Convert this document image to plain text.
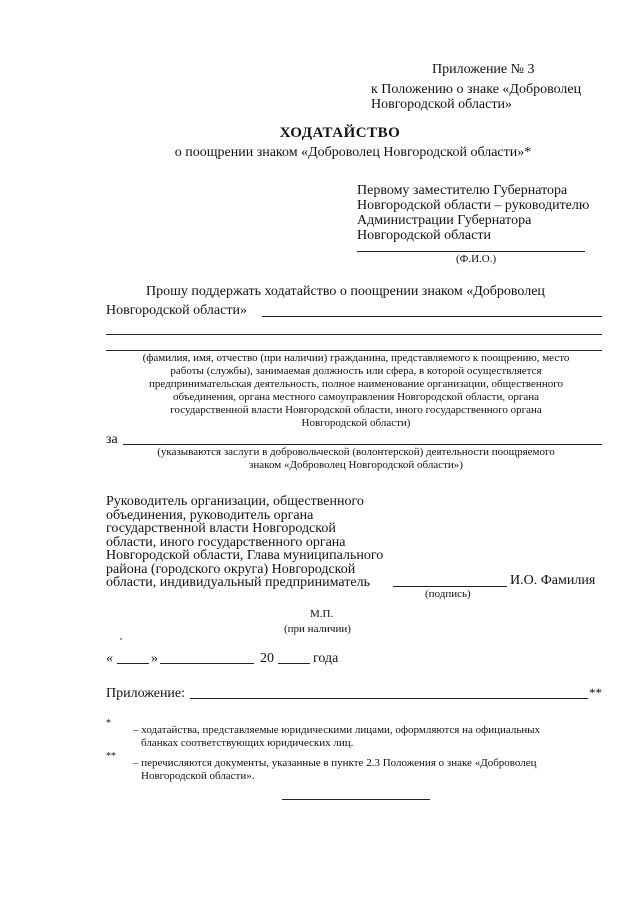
Приложение № 3
к Положению о знаке «Доброволец
Новгородской области»
ХОДАТАЙСТВО
о поощрении знаком «Доброволец Новгородской области»*
Первому заместителю Губернатора
Новгородской области – руководителю
Администрации Губернатора
Новгородской области
(Ф.И.О.)
Прошу поддержать ходатайство о поощрении знаком «Доброволец
Новгородской области»
(фамилия, имя, отчество (при наличии) гражданина, представляемого к поощрению, место
работы (службы), занимаемая должность или сфера, в которой осуществляется
предпринимательская деятельность, полное наименование организации, общественного
объединения, органа местного самоуправления Новгородской области, органа
государственной власти Новгородской области, иного государственного органа
Новгородской области)
за
(указываются заслуги в добровольческой (волонтерской) деятельности поощряемого
знаком «Доброволец Новгородской области»)
Руководитель организации, общественного
объединения, руководитель органа
государственной власти Новгородской
области, иного государственного органа
Новгородской области, Глава муниципального
района (городского округа) Новгородской
области, индивидуальный предприниматель	И.О. Фамилия
(подпись)
М.П.
(при наличии)
«	»	20	года
Приложение:	**
*
– ходатайства, представляемые юридическими лицами, оформляются на официальных
бланках соответствующих юридических лиц.
**
– перечисляются документы, указанные в пункте 2.3 Положения о знаке «Доброволец
Новгородской области».
